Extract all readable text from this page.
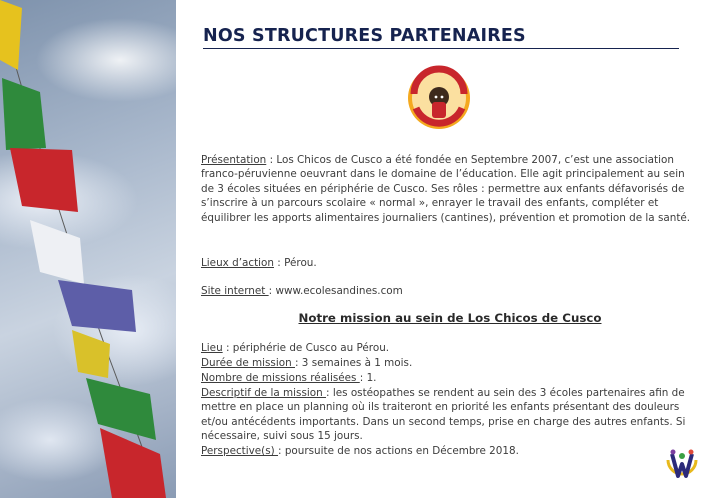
NOS STRUCTURES PARTENAIRES
Présentation : Los Chicos de Cusco a été fondée en Septembre 2007, c’est une association franco-péruvienne oeuvrant dans le domaine de l’éducation. Elle agit principalement au sein de 3 écoles situées en périphérie de Cusco. Ses rôles : permettre aux enfants défavorisés de s’inscrire à un parcours scolaire « normal », enrayer le travail des enfants, compléter et équilibrer les apports alimentaires journaliers (cantines), prévention et promotion de la santé.
Lieux d’action : Pérou.
Site internet : www.ecolesandines.com
Notre mission au sein de Los Chicos de Cusco
Lieu : périphérie de Cusco au Pérou.
Durée de mission : 3 semaines à 1 mois.
Nombre de missions réalisées : 1.
Descriptif de la mission : les ostéopathes se rendent au sein des 3 écoles partenaires afin de mettre en place un planning où ils traiteront en priorité les enfants présentant des douleurs et/ou antécédents importants. Dans un second temps, prise en charge des autres enfants. Si nécessaire, suivi sous 15 jours.
Perspective(s) : poursuite de nos actions en Décembre 2018.
